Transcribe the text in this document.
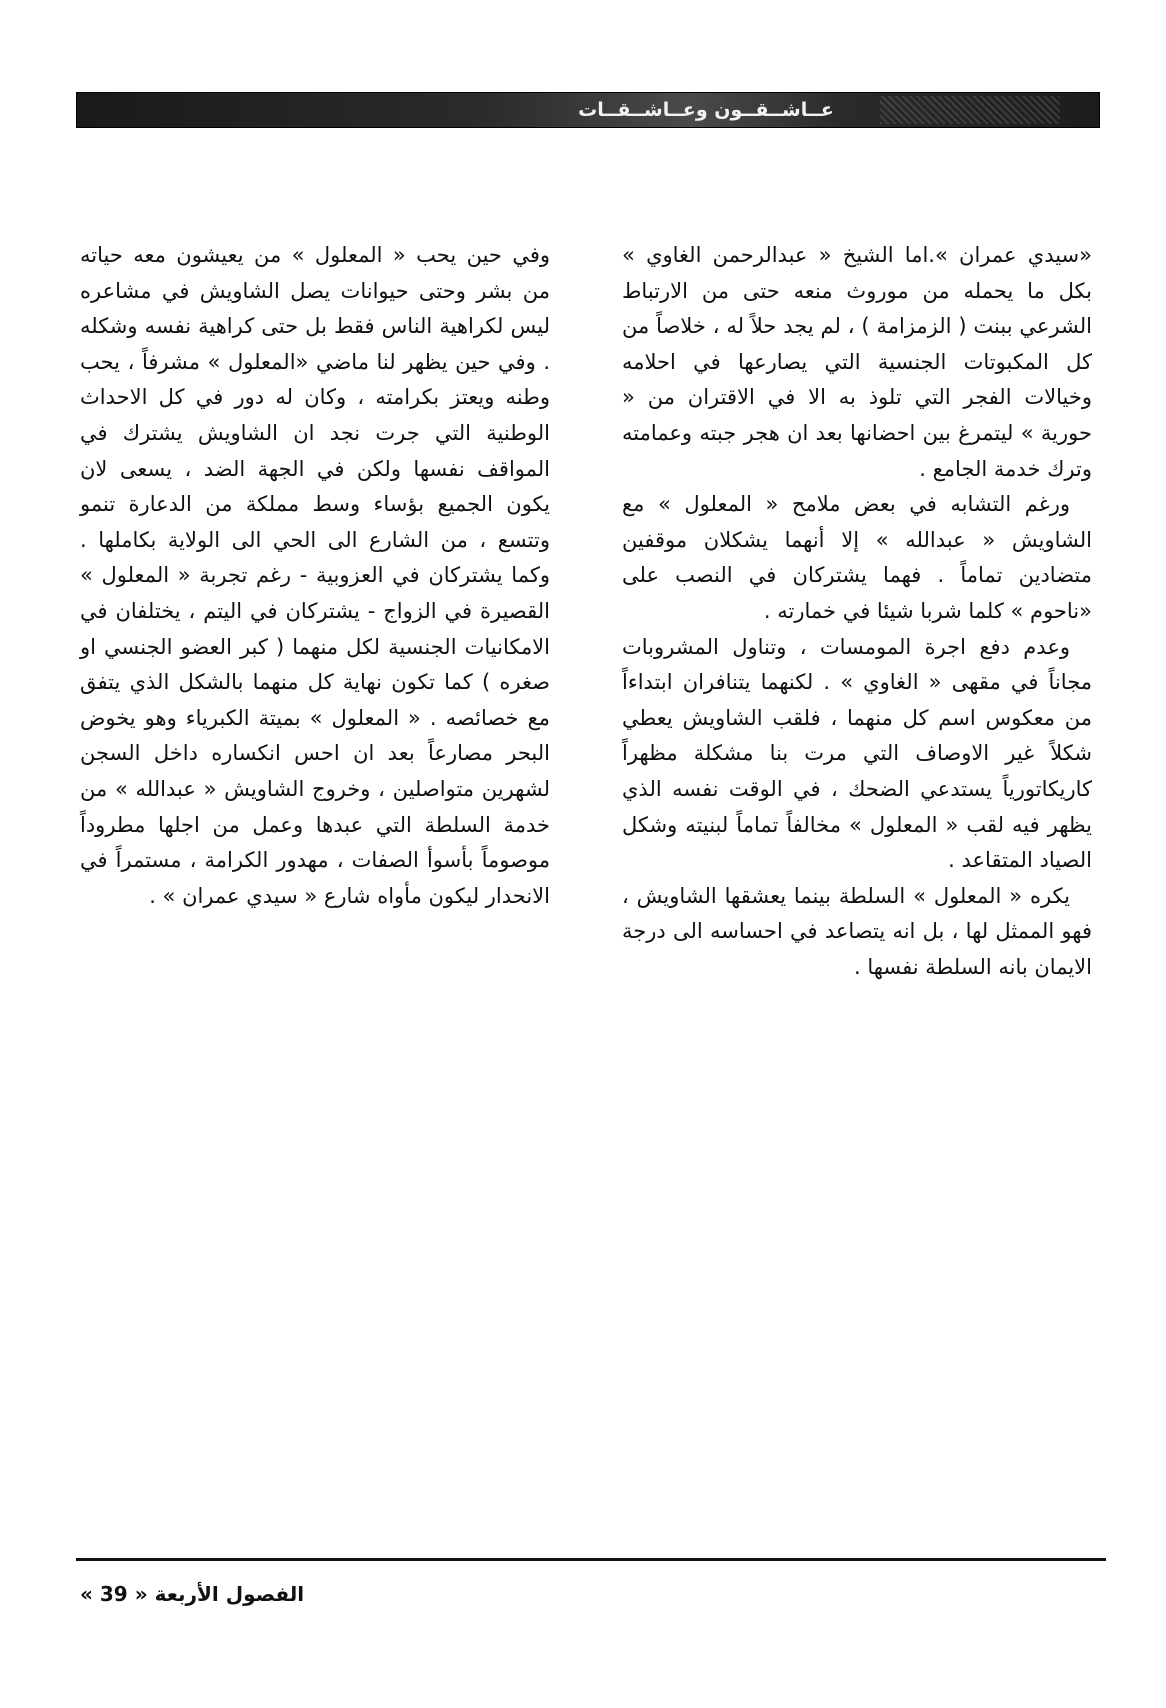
عــاشــقــون وعــاشــقــات

«سيدي عمران ».اما الشيخ « عبدالرحمن الغاوي » بكل ما يحمله من موروث منعه حتى من الارتباط الشرعي ببنت ( الزمزامة ) ، لم يجد حلاً له ، خلاصاً من كل المكبوتات الجنسية التي يصارعها في احلامه وخيالات الفجر التي تلوذ به الا في الاقتران من « حورية » ليتمرغ بين احضانها بعد ان هجر جبته وعمامته وترك خدمة الجامع .

ورغم التشابه في بعض ملامح « المعلول » مع الشاويش « عبدالله » إلا أنهما يشكلان موقفين متضادين تماماً . فهما يشتركان في النصب على «ناحوم » كلما شربا شيئا في خمارته .

وعدم دفع اجرة المومسات ، وتناول المشروبات مجاناً في مقهى « الغاوي » . لكنهما يتنافران ابتداءاً من معكوس اسم كل منهما ، فلقب الشاويش يعطي شكلاً غير الاوصاف التي مرت بنا مشكلة مظهراً كاريكاتورياً يستدعي الضحك ، في الوقت نفسه الذي يظهر فيه لقب « المعلول » مخالفاً تماماً لبنيته وشكل الصياد المتقاعد .

يكره « المعلول » السلطة بينما يعشقها الشاويش ، فهو الممثل لها ، بل انه يتصاعد في احساسه الى درجة الايمان بانه السلطة نفسها .

وفي حين يحب « المعلول » من يعيشون معه حياته من بشر وحتى حيوانات يصل الشاويش في مشاعره ليس لكراهية الناس فقط بل حتى كراهية نفسه وشكله . وفي حين يظهر لنا ماضي «المعلول » مشرفاً ، يحب وطنه ويعتز بكرامته ، وكان له دور في كل الاحداث الوطنية التي جرت نجد ان الشاويش يشترك في المواقف نفسها ولكن في الجهة الضد ، يسعى لان يكون الجميع بؤساء وسط مملكة من الدعارة تنمو وتتسع ، من الشارع الى الحي الى الولاية بكاملها . وكما يشتركان في العزوبية - رغم تجربة « المعلول » القصيرة في الزواج - يشتركان في اليتم ، يختلفان في الامكانيات الجنسية لكل منهما ( كبر العضو الجنسي او صغره ) كما تكون نهاية كل منهما بالشكل الذي يتفق مع خصائصه . « المعلول » بميتة الكبرياء وهو يخوض البحر مصارعاً بعد ان احس انكساره داخل السجن لشهرين متواصلين ، وخروج الشاويش « عبدالله » من خدمة السلطة التي عبدها وعمل من اجلها مطروداً موصوماً بأسوأ الصفات ، مهدور الكرامة ، مستمراً في الانحدار ليكون مأواه شارع « سيدي عمران » .

الفصول الأربعة « 39 »
